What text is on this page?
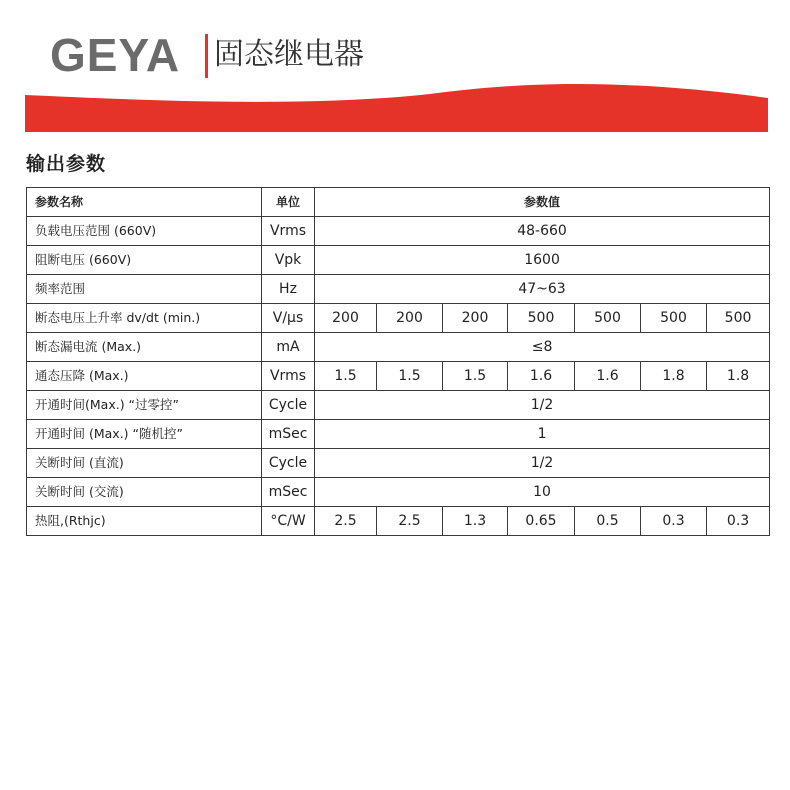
GEYA 固态继电器
输出参数
参数名称	单位	参数值						
负载电压范围 (660V)	Vrms	48-660						
阻断电压 (660V)	Vpk	1600						
频率范围	Hz	47~63						
断态电压上升率 dv/dt (min.)	V/μs	200	200	200	500	500	500	500
断态漏电流 (Max.)	mA	≤8						
通态压降 (Max.)	Vrms	1.5	1.5	1.5	1.6	1.6	1.8	1.8
开通时间(Max.) “过零控”	Cycle	1/2						
开通时间 (Max.) “随机控”	mSec	1						
关断时间 (直流)	Cycle	1/2						
关断时间 (交流)	mSec	10						
热阻,(Rthjc)	°C/W	2.5	2.5	1.3	0.65	0.5	0.3	0.3
